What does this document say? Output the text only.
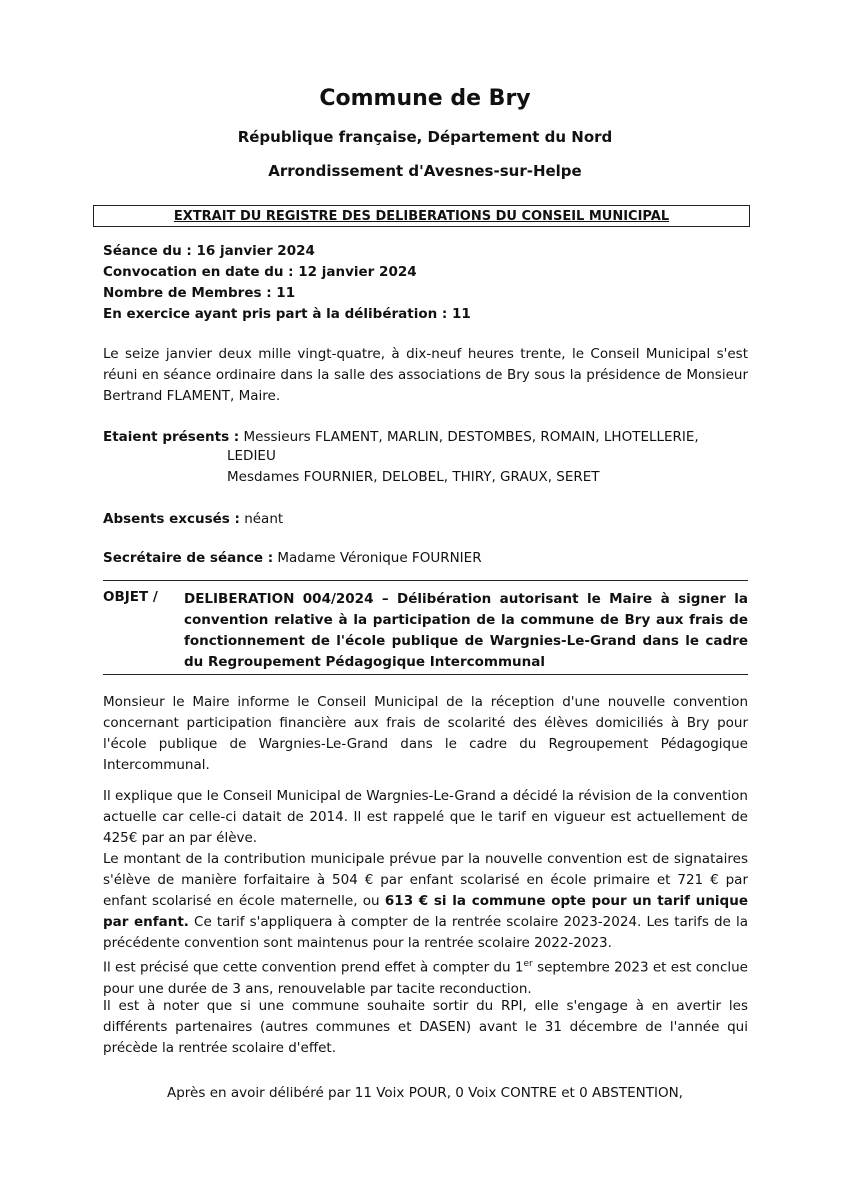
Commune de Bry
République française, Département du Nord
Arrondissement d'Avesnes-sur-Helpe
EXTRAIT DU REGISTRE DES DELIBERATIONS DU CONSEIL MUNICIPAL
Séance du : 16 janvier 2024
Convocation en date du : 12 janvier 2024
Nombre de Membres : 11
En exercice ayant pris part à la délibération : 11
Le seize janvier deux mille vingt-quatre, à dix-neuf heures trente, le Conseil Municipal s'est réuni en séance ordinaire dans la salle des associations de Bry sous la présidence de Monsieur Bertrand FLAMENT, Maire.
Etaient présents : Messieurs FLAMENT, MARLIN, DESTOMBES, ROMAIN, LHOTELLERIE,
LEDIEU
Mesdames FOURNIER, DELOBEL, THIRY, GRAUX, SERET
Absents excusés : néant
Secrétaire de séance : Madame Véronique FOURNIER
OBJET / DELIBERATION 004/2024 – Délibération autorisant le Maire à signer la convention relative à la participation de la commune de Bry aux frais de fonctionnement de l'école publique de Wargnies-Le-Grand dans le cadre du Regroupement Pédagogique Intercommunal
Monsieur le Maire informe le Conseil Municipal de la réception d'une nouvelle convention concernant participation financière aux frais de scolarité des élèves domiciliés à Bry pour l'école publique de Wargnies-Le-Grand dans le cadre du Regroupement Pédagogique Intercommunal.
Il explique que le Conseil Municipal de Wargnies-Le-Grand a décidé la révision de la convention actuelle car celle-ci datait de 2014. Il est rappelé que le tarif en vigueur est actuellement de 425€ par an par élève.
Le montant de la contribution municipale prévue par la nouvelle convention est de signataires s'élève de manière forfaitaire à 504 € par enfant scolarisé en école primaire et 721 € par enfant scolarisé en école maternelle, ou 613 € si la commune opte pour un tarif unique par enfant. Ce tarif s'appliquera à compter de la rentrée scolaire 2023-2024. Les tarifs de la précédente convention sont maintenus pour la rentrée scolaire 2022-2023.
Il est précisé que cette convention prend effet à compter du 1er septembre 2023 et est conclue pour une durée de 3 ans, renouvelable par tacite reconduction.
Il est à noter que si une commune souhaite sortir du RPI, elle s'engage à en avertir les différents partenaires (autres communes et DASEN) avant le 31 décembre de l'année qui précède la rentrée scolaire d'effet.
Après en avoir délibéré par 11 Voix POUR, 0 Voix CONTRE et 0 ABSTENTION,
